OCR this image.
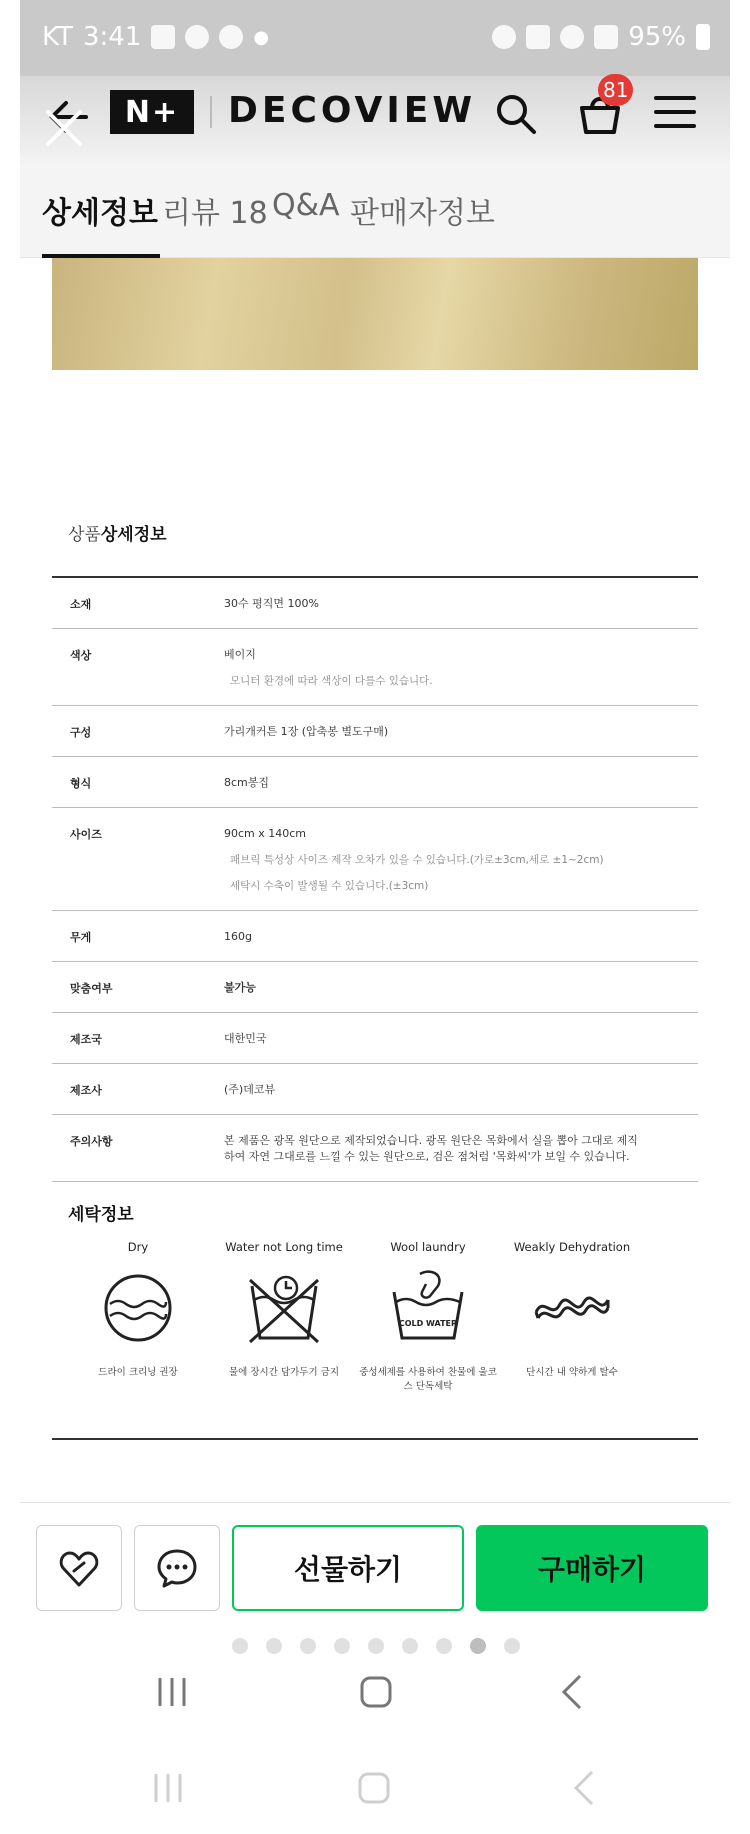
KT 3:41	●	95%
N+	DECOVIEW	81
상세정보 리뷰 18 Q&A 판매자정보
상품상세정보
소재	30수 평직면 100%
색상	베이지
모니터 환경에 따라 색상이 다를수 있습니다.
구성	가리개커튼 1장 (압축봉 별도구매)
형식	8cm봉집
사이즈	90cm x 140cm
패브릭 특성상 사이즈 제작 오차가 있을 수 있습니다.(가로±3cm,세로 ±1~2cm)
세탁시 수축이 발생될 수 있습니다.(±3cm)
무게	160g
맞춤여부	불가능
제조국	대한민국
제조사	(주)데코뷰
주의사항	본 제품은 광목 원단으로 제작되었습니다. 광목 원단은 목화에서 실을 뽑아 그대로 제직하여 자연 그대로를 느낄 수 있는 원단으로, 검은 점처럼 '목화씨'가 보일 수 있습니다.
세탁정보
Dry
드라이 크리닝 권장
Water not Long time
물에 장시간 담가두기 금지
Wool laundry
COLD WATER
중성세제를 사용하여 찬물에 울코스 단독세탁
Weakly Dehydration
단시간 내 약하게 탈수
선물하기	구매하기
